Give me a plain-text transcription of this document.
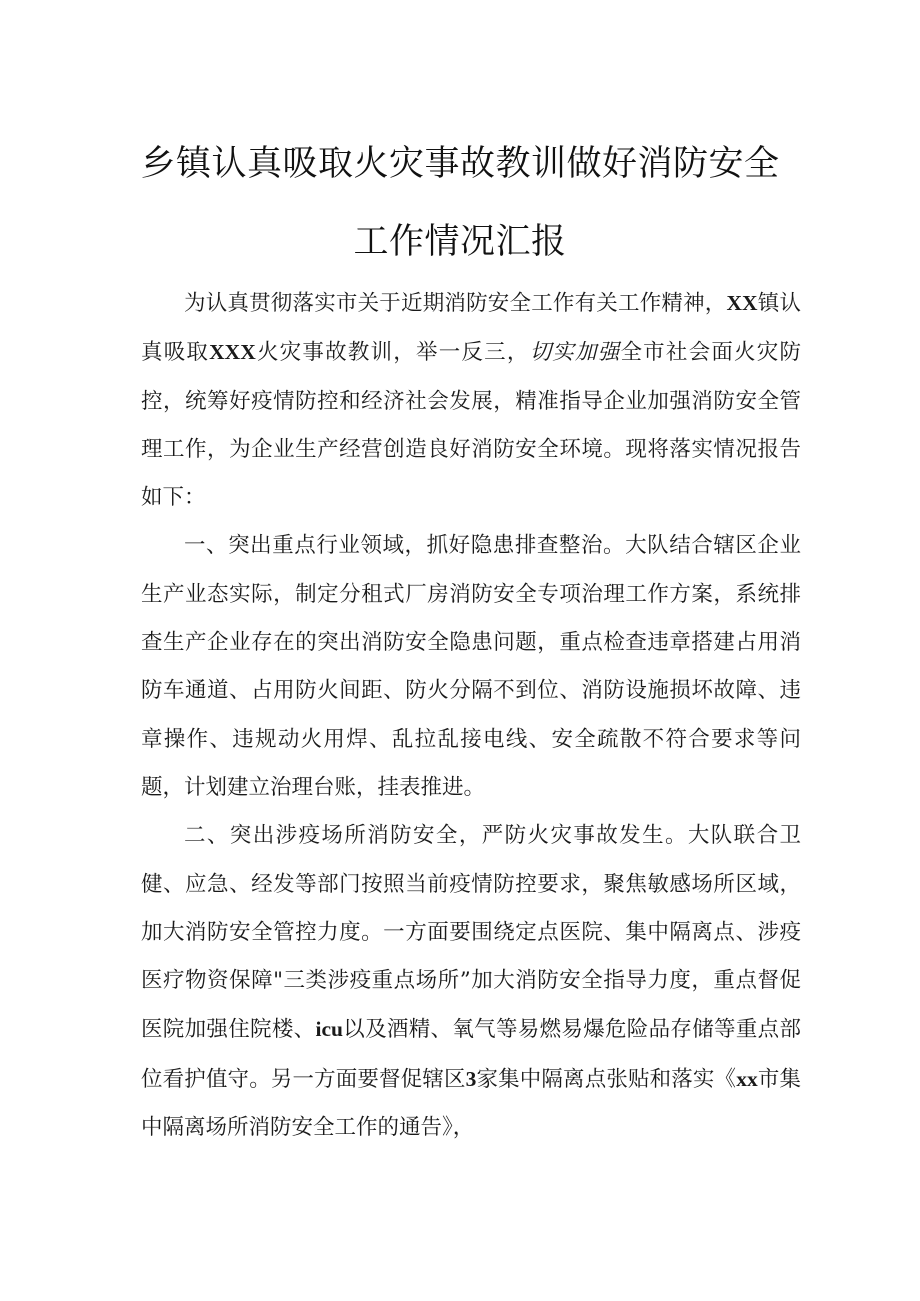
乡镇认真吸取火灾事故教训做好消防安全
工作情况汇报

为认真贯彻落实市关于近期消防安全工作有关工作精神，XX镇认真吸取XXX火灾事故教训，举一反三，切实加强全市社会面火灾防控，统筹好疫情防控和经济社会发展，精准指导企业加强消防安全管理工作，为企业生产经营创造良好消防安全环境。现将落实情况报告如下：

一、突出重点行业领域，抓好隐患排查整治。大队结合辖区企业生产业态实际，制定分租式厂房消防安全专项治理工作方案，系统排查生产企业存在的突出消防安全隐患问题，重点检查违章搭建占用消防车通道、占用防火间距、防火分隔不到位、消防设施损坏故障、违章操作、违规动火用焊、乱拉乱接电线、安全疏散不符合要求等问题，计划建立治理台账，挂表推进。

二、突出涉疫场所消防安全，严防火灾事故发生。大队联合卫健、应急、经发等部门按照当前疫情防控要求，聚焦敏感场所区域，加大消防安全管控力度。一方面要围绕定点医院、集中隔离点、涉疫医疗物资保障"三类涉疫重点场所”加大消防安全指导力度，重点督促医院加强住院楼、icu以及酒精、氧气等易燃易爆危险品存储等重点部位看护值守。另一方面要督促辖区3家集中隔离点张贴和落实《xx市集中隔离场所消防安全工作的通告》，
